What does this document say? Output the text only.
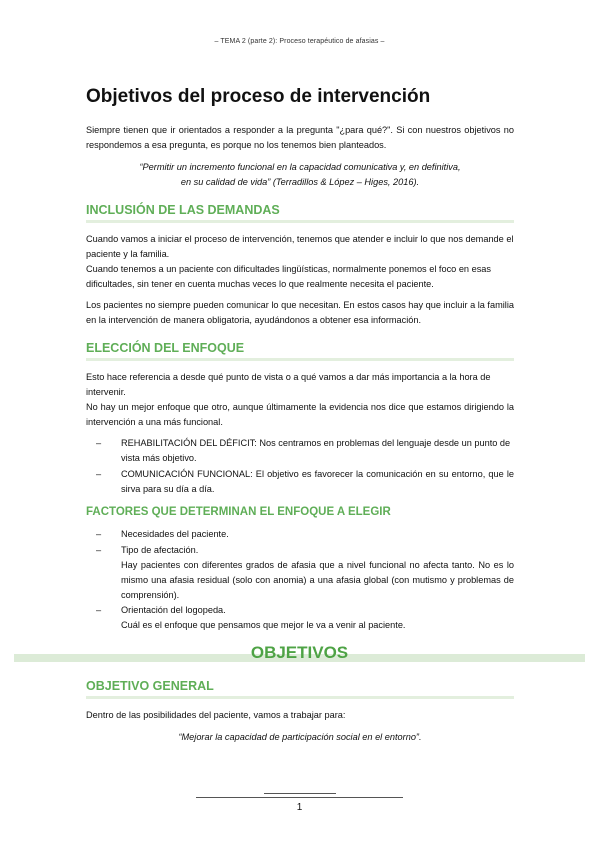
– TEMA 2 (parte 2): Proceso terapéutico de afasias –
Objetivos del proceso de intervención

Siempre tienen que ir orientados a responder a la pregunta "¿para qué?". Si con nuestros objetivos no respondemos a esa pregunta, es porque no los tenemos bien planteados.

“Permitir un incremento funcional en la capacidad comunicativa y, en definitiva,

en su calidad de vida” (Terradillos & López – Higes, 2016).

INCLUSIÓN DE LAS DEMANDAS

Cuando vamos a iniciar el proceso de intervención, tenemos que atender e incluir lo que nos demande el paciente y la familia.

Cuando tenemos a un paciente con dificultades lingüísticas, normalmente ponemos el foco en esas dificultades, sin tener en cuenta muchas veces lo que realmente necesita el paciente.

Los pacientes no siempre pueden comunicar lo que necesitan. En estos casos hay que incluir a la familia en la intervención de manera obligatoria, ayudándonos a obtener esa información.

ELECCIÓN DEL ENFOQUE

Esto hace referencia a desde qué punto de vista o a qué vamos a dar más importancia a la hora de intervenir.

No hay un mejor enfoque que otro, aunque últimamente la evidencia nos dice que estamos dirigiendo la intervención a una más funcional.

– REHABILITACIÓN DEL DÉFICIT: Nos centramos en problemas del lenguaje desde un punto de vista más objetivo.

– COMUNICACIÓN FUNCIONAL: El objetivo es favorecer la comunicación en su entorno, que le sirva para su día a día.

FACTORES QUE DETERMINAN EL ENFOQUE A ELEGIR
– Necesidades del paciente.

– Tipo de afectación.

Hay pacientes con diferentes grados de afasia que a nivel funcional no afecta tanto. No es lo mismo una afasia residual (solo con anomia) a una afasia global (con mutismo y problemas de comprensión).

– Orientación del logopeda.

Cuál es el enfoque que pensamos que mejor le va a venir al paciente.

OBJETIVOS
OBJETIVO GENERAL

Dentro de las posibilidades del paciente, vamos a trabajar para:

“Mejorar la capacidad de participación social en el entorno”.

1
